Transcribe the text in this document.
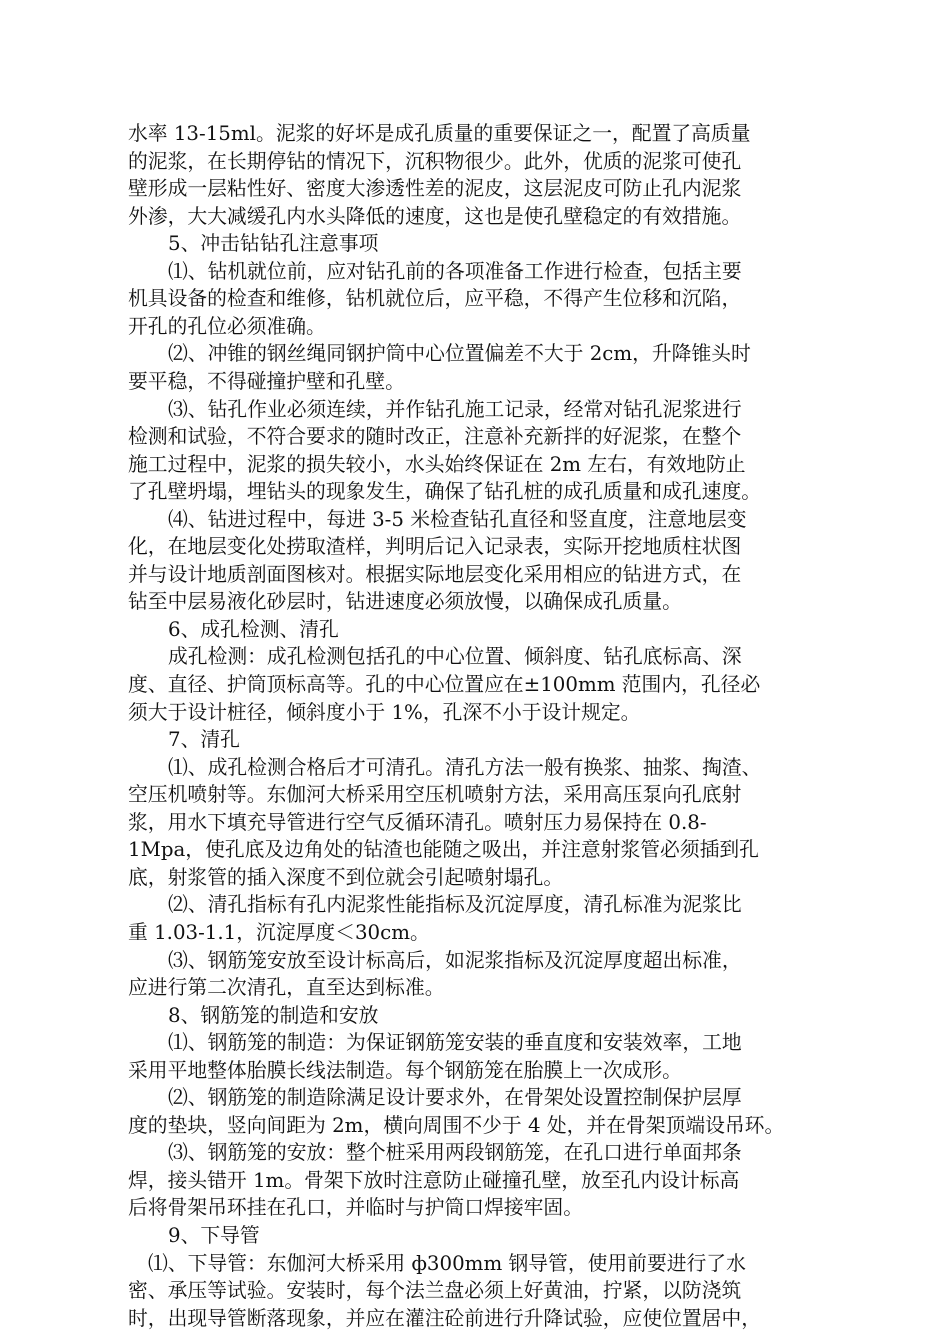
水率 13-15ml。泥浆的好坏是成孔质量的重要保证之一，配置了高质量
的泥浆，在长期停钻的情况下，沉积物很少。此外，优质的泥浆可使孔
壁形成一层粘性好、密度大渗透性差的泥皮，这层泥皮可防止孔内泥浆
外渗，大大减缓孔内水头降低的速度，这也是使孔壁稳定的有效措施。
5、冲击钻钻孔注意事项
⑴、钻机就位前，应对钻孔前的各项准备工作进行检查，包括主要
机具设备的检查和维修，钻机就位后，应平稳，不得产生位移和沉陷，
开孔的孔位必须准确。
⑵、冲锥的钢丝绳同钢护筒中心位置偏差不大于 2cm，升降锥头时
要平稳，不得碰撞护壁和孔壁。
⑶、钻孔作业必须连续，并作钻孔施工记录，经常对钻孔泥浆进行
检测和试验，不符合要求的随时改正，注意补充新拌的好泥浆，在整个
施工过程中，泥浆的损失较小，水头始终保证在 2m 左右，有效地防止
了孔壁坍塌，埋钻头的现象发生，确保了钻孔桩的成孔质量和成孔速度。
⑷、钻进过程中，每进 3-5 米检查钻孔直径和竖直度，注意地层变
化，在地层变化处捞取渣样，判明后记入记录表，实际开挖地质柱状图
并与设计地质剖面图核对。根据实际地层变化采用相应的钻进方式，在
钻至中层易液化砂层时，钻进速度必须放慢，以确保成孔质量。
6、成孔检测、清孔
成孔检测：成孔检测包括孔的中心位置、倾斜度、钻孔底标高、深
度、直径、护筒顶标高等。孔的中心位置应在±100mm 范围内，孔径必
须大于设计桩径，倾斜度小于 1%，孔深不小于设计规定。
7、清孔
⑴、成孔检测合格后才可清孔。清孔方法一般有换浆、抽浆、掏渣、
空压机喷射等。东伽河大桥采用空压机喷射方法，采用高压泵向孔底射
浆，用水下填充导管进行空气反循环清孔。喷射压力易保持在 0.8-
1Mpa，使孔底及边角处的钻渣也能随之吸出，并注意射浆管必须插到孔
底，射浆管的插入深度不到位就会引起喷射塌孔。
⑵、清孔指标有孔内泥浆性能指标及沉淀厚度，清孔标准为泥浆比
重 1.03-1.1，沉淀厚度＜30cm。
⑶、钢筋笼安放至设计标高后，如泥浆指标及沉淀厚度超出标准，
应进行第二次清孔，直至达到标准。
8、钢筋笼的制造和安放
⑴、钢筋笼的制造：为保证钢筋笼安装的垂直度和安装效率，工地
采用平地整体胎膜长线法制造。每个钢筋笼在胎膜上一次成形。
⑵、钢筋笼的制造除满足设计要求外，在骨架处设置控制保护层厚
度的垫块，竖向间距为 2m，横向周围不少于 4 处，并在骨架顶端设吊环。
⑶、钢筋笼的安放：整个桩采用两段钢筋笼，在孔口进行单面邦条
焊，接头错开 1m。骨架下放时注意防止碰撞孔壁，放至孔内设计标高
后将骨架吊环挂在孔口，并临时与护筒口焊接牢固。
9、下导管
⑴、下导管：东伽河大桥采用 ф300mm 钢导管，使用前要进行了水
密、承压等试验。安装时，每个法兰盘必须上好黄油，拧紧，以防浇筑
时，出现导管断落现象，并应在灌注砼前进行升降试验，应使位置居中，
